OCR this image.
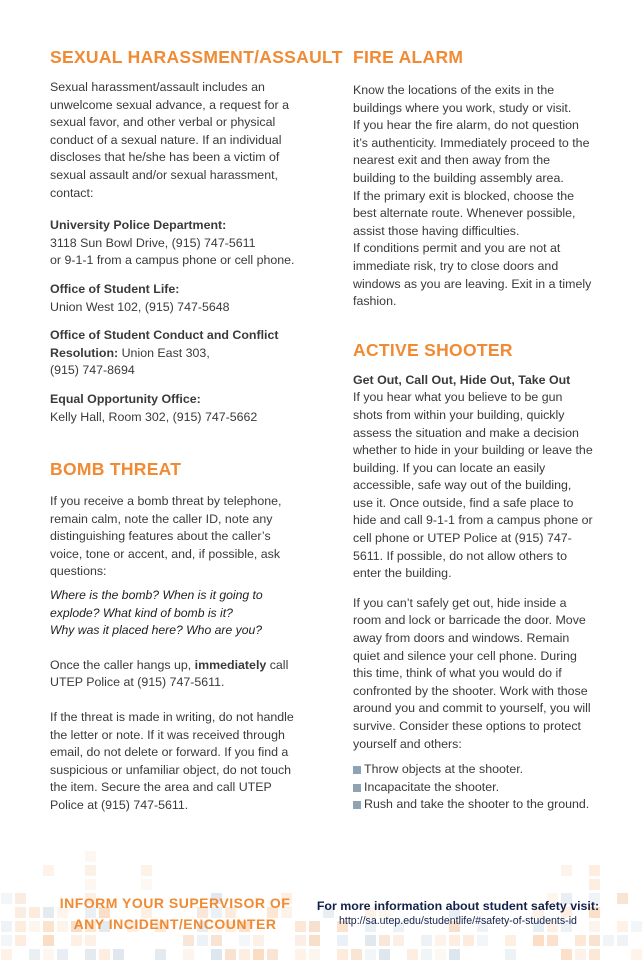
SEXUAL HARASSMENT/ASSAULT

Sexual harassment/assault includes an unwelcome sexual advance, a request for a sexual favor, and other verbal or physical conduct of a sexual nature. If an individual discloses that he/she has been a victim of sexual assault and/or sexual harassment, contact:

University Police Department:
3118 Sun Bowl Drive, (915) 747-5611
or 9-1-1 from a campus phone or cell phone.
Office of Student Life:
Union West 102, (915) 747-5648
Office of Student Conduct and Conflict Resolution: Union East 303,
(915) 747-8694
Equal Opportunity Office:
Kelly Hall, Room 302, (915) 747-5662
BOMB THREAT

If you receive a bomb threat by telephone, remain calm, note the caller ID, note any distinguishing features about the caller’s voice, tone or accent, and, if possible, ask questions:

Where is the bomb? When is it going to
explode? What kind of bomb is it?
Why was it placed here? Who are you?

Once the caller hangs up, immediately call UTEP Police at (915) 747-5611.

If the threat is made in writing, do not handle the letter or note. If it was received through email, do not delete or forward. If you find a suspicious or unfamiliar object, do not touch the item. Secure the area and call UTEP Police at (915) 747-5611.

FIRE ALARM

Know the locations of the exits in the buildings where you work, study or visit.

If you hear the fire alarm, do not question it’s authenticity. Immediately proceed to the nearest exit and then away from the building to the building assembly area.

If the primary exit is blocked, choose the best alternate route. Whenever possible, assist those having difficulties.

If conditions permit and you are not at immediate risk, try to close doors and windows as you are leaving. Exit in a timely fashion.

ACTIVE SHOOTER

Get Out, Call Out, Hide Out, Take Out

If you hear what you believe to be gun shots from within your building, quickly assess the situation and make a decision whether to hide in your building or leave the building. If you can locate an easily accessible, safe way out of the building, use it. Once outside, find a safe place to hide and call 9-1-1 from a campus phone or cell phone or UTEP Police at (915) 747-5611. If possible, do not allow others to enter the building.

If you can’t safely get out, hide inside a room and lock or barricade the door. Move away from doors and windows. Remain quiet and silence your cell phone. During this time, think of what you would do if confronted by the shooter. Work with those around you and commit to yourself, you will survive. Consider these options to protect yourself and others:

Throw objects at the shooter.
Incapacitate the shooter.
Rush and take the shooter to the ground.
INFORM YOUR SUPERVISOR OF
ANY INCIDENT/ENCOUNTER
For more information about student safety visit:
http://sa.utep.edu/studentlife/#safety-of-students-id
